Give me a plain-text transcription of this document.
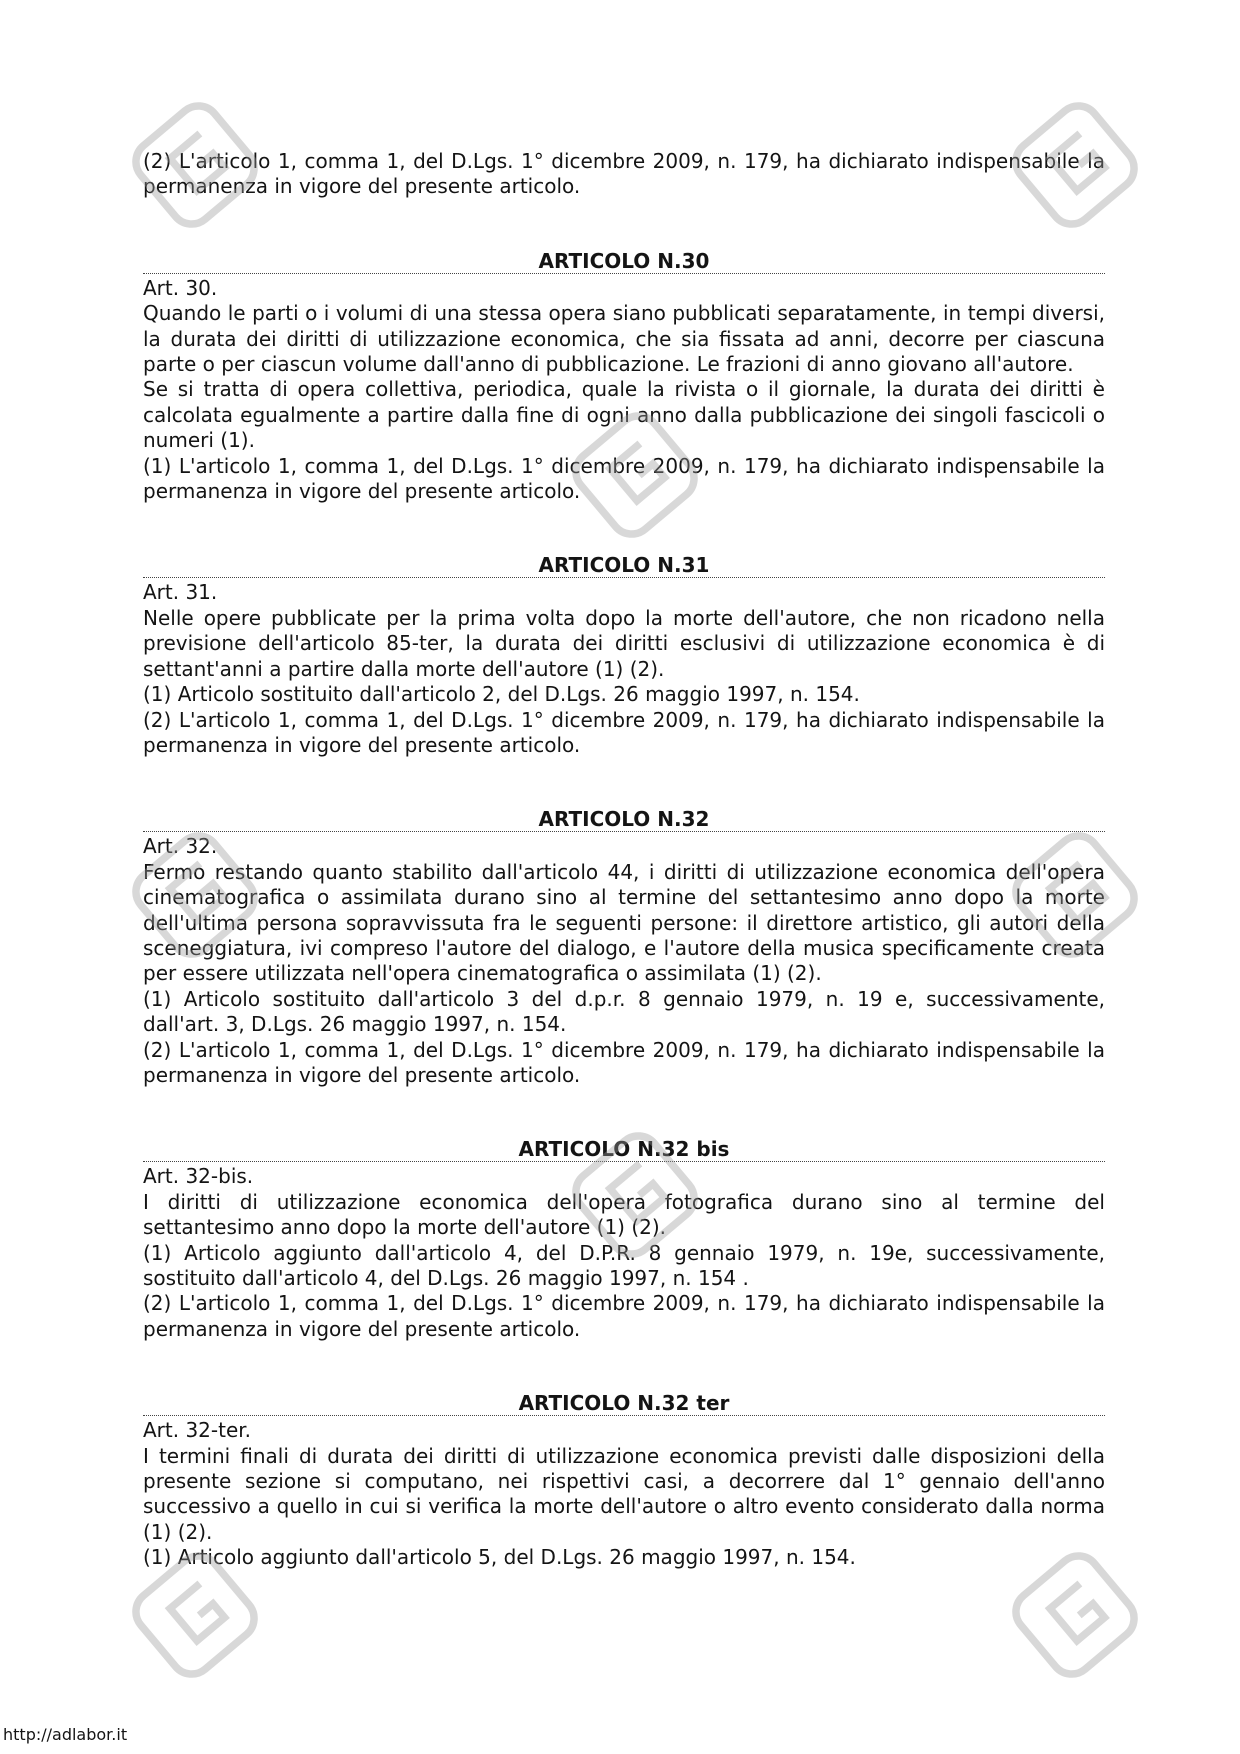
(2) L'articolo 1, comma 1, del D.Lgs. 1° dicembre 2009, n. 179, ha dichiarato indispensabile la permanenza in vigore del presente articolo.

ARTICOLO N.30

Art. 30.

Quando le parti o i volumi di una stessa opera siano pubblicati separatamente, in tempi diversi, la durata dei diritti di utilizzazione economica, che sia fissata ad anni, decorre per ciascuna parte o per ciascun volume dall'anno di pubblicazione. Le frazioni di anno giovano all'autore.

Se si tratta di opera collettiva, periodica, quale la rivista o il giornale, la durata dei diritti è calcolata egualmente a partire dalla fine di ogni anno dalla pubblicazione dei singoli fascicoli o numeri (1).

(1) L'articolo 1, comma 1, del D.Lgs. 1° dicembre 2009, n. 179, ha dichiarato indispensabile la permanenza in vigore del presente articolo.

ARTICOLO N.31

Art. 31.

Nelle opere pubblicate per la prima volta dopo la morte dell'autore, che non ricadono nella previsione dell'articolo 85-ter, la durata dei diritti esclusivi di utilizzazione economica è di settant'anni a partire dalla morte dell'autore (1) (2).

(1) Articolo sostituito dall'articolo 2, del D.Lgs. 26 maggio 1997, n. 154.

(2) L'articolo 1, comma 1, del D.Lgs. 1° dicembre 2009, n. 179, ha dichiarato indispensabile la permanenza in vigore del presente articolo.

ARTICOLO N.32

Art. 32.

Fermo restando quanto stabilito dall'articolo 44, i diritti di utilizzazione economica dell'opera cinematografica o assimilata durano sino al termine del settantesimo anno dopo la morte dell'ultima persona sopravvissuta fra le seguenti persone: il direttore artistico, gli autori della sceneggiatura, ivi compreso l'autore del dialogo, e l'autore della musica specificamente creata per essere utilizzata nell'opera cinematografica o assimilata (1) (2).

(1) Articolo sostituito dall'articolo 3 del d.p.r. 8 gennaio 1979, n. 19 e, successivamente, dall'art. 3, D.Lgs. 26 maggio 1997, n. 154.

(2) L'articolo 1, comma 1, del D.Lgs. 1° dicembre 2009, n. 179, ha dichiarato indispensabile la permanenza in vigore del presente articolo.

ARTICOLO N.32 bis

Art. 32-bis.

I diritti di utilizzazione economica dell'opera fotografica durano sino al termine del settantesimo anno dopo la morte dell'autore (1) (2).

(1) Articolo aggiunto dall'articolo 4, del D.P.R. 8 gennaio 1979, n. 19e, successivamente, sostituito dall'articolo 4, del D.Lgs. 26 maggio 1997, n. 154 .

(2) L'articolo 1, comma 1, del D.Lgs. 1° dicembre 2009, n. 179, ha dichiarato indispensabile la permanenza in vigore del presente articolo.

ARTICOLO N.32 ter

Art. 32-ter.

I termini finali di durata dei diritti di utilizzazione economica previsti dalle disposizioni della presente sezione si computano, nei rispettivi casi, a decorrere dal 1° gennaio dell'anno successivo a quello in cui si verifica la morte dell'autore o altro evento considerato dalla norma (1) (2).

(1) Articolo aggiunto dall'articolo 5, del D.Lgs. 26 maggio 1997, n. 154.

http://adlabor.it
